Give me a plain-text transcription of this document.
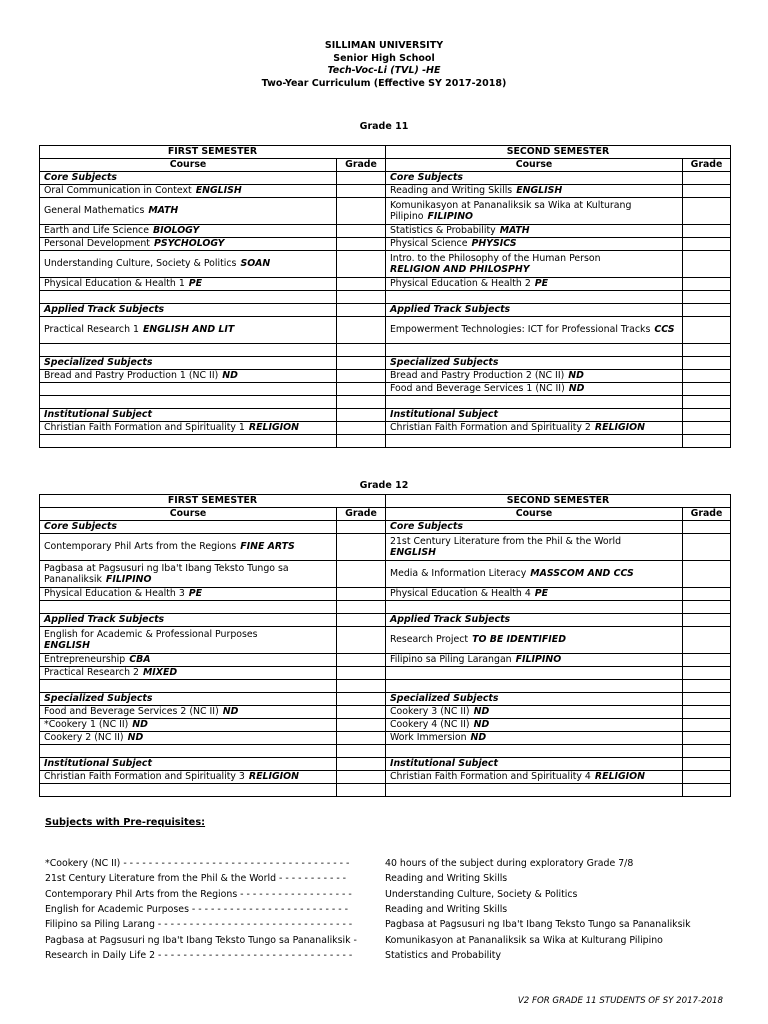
SILLIMAN UNIVERSITY
Senior High School
Tech-Voc-Li (TVL) -HE
Two-Year Curriculum (Effective SY 2017-2018)
Grade 11
FIRST SEMESTER		SECOND SEMESTER	
Course	Grade	Course	Grade
Core Subjects		Core Subjects	
Oral Communication in Context ENGLISH		Reading and Writing Skills ENGLISH	
General Mathematics MATH		Komunikasyon at Pananaliksik sa Wika at Kulturang Pilipino FILIPINO	
Earth and Life Science BIOLOGY		Statistics & Probability MATH	
Personal Development PSYCHOLOGY		Physical Science PHYSICS	
Understanding Culture, Society & Politics SOAN		Intro. to the Philosophy of the Human Person
RELIGION AND PHILOSPHY	
Physical Education & Health 1 PE		Physical Education & Health 2 PE	

Applied Track Subjects		Applied Track Subjects	
Practical Research 1 ENGLISH AND LIT		Empowerment Technologies: ICT for Professional Tracks CCS	

Specialized Subjects		Specialized Subjects	
Bread and Pastry Production 1 (NC II) ND		Bread and Pastry Production 2 (NC II) ND	
		Food and Beverage Services 1 (NC II) ND	

Institutional Subject		Institutional Subject	
Christian Faith Formation and Spirituality 1 RELIGION		Christian Faith Formation and Spirituality 2 RELIGION	

Grade 12
FIRST SEMESTER		SECOND SEMESTER	
Course	Grade	Course	Grade
Core Subjects		Core Subjects	
Contemporary Phil Arts from the Regions FINE ARTS		21st Century Literature from the Phil & the World
ENGLISH	
Pagbasa at Pagsusuri ng Iba't Ibang Teksto Tungo sa Pananaliksik FILIPINO		Media & Information Literacy MASSCOM AND CCS	
Physical Education & Health 3 PE		Physical Education & Health 4 PE	

Applied Track Subjects		Applied Track Subjects	
English for Academic & Professional Purposes
ENGLISH		Research Project TO BE IDENTIFIED	
Entrepreneurship CBA		Filipino sa Piling Larangan FILIPINO	
Practical Research 2 MIXED			

Specialized Subjects		Specialized Subjects	
Food and Beverage Services 2 (NC II) ND		Cookery 3 (NC II) ND	
*Cookery 1 (NC II) ND		Cookery 4 (NC II) ND	
Cookery 2 (NC II) ND		Work Immersion ND	

Institutional Subject		Institutional Subject	
Christian Faith Formation and Spirituality 3 RELIGION		Christian Faith Formation and Spirituality 4 RELIGION	

Subjects with Pre-requisites:
*Cookery (NC II) - - - - - - - - - - - - - - - - - - - - - - - - - - - - - - - - - - - -	40 hours of the subject during exploratory Grade 7/8
21st Century Literature from the Phil & the World - - - - - - - - - - -	Reading and Writing Skills
Contemporary Phil Arts from the Regions - - - - - - - - - - - - - - - - - -	Understanding Culture, Society & Politics
English for Academic Purposes - - - - - - - - - - - - - - - - - - - - - - - - -	Reading and Writing Skills
Filipino sa Piling Larang - - - - - - - - - - - - - - - - - - - - - - - - - - - - - - -	Pagbasa at Pagsusuri ng Iba't Ibang Teksto Tungo sa Pananaliksik
Pagbasa at Pagsusuri ng Iba't Ibang Teksto Tungo sa Pananaliksik -	Komunikasyon at Pananaliksik sa Wika at Kulturang Pilipino
Research in Daily Life 2 - - - - - - - - - - - - - - - - - - - - - - - - - - - - - - -	Statistics and Probability
V2 FOR GRADE 11 STUDENTS OF SY 2017-2018
